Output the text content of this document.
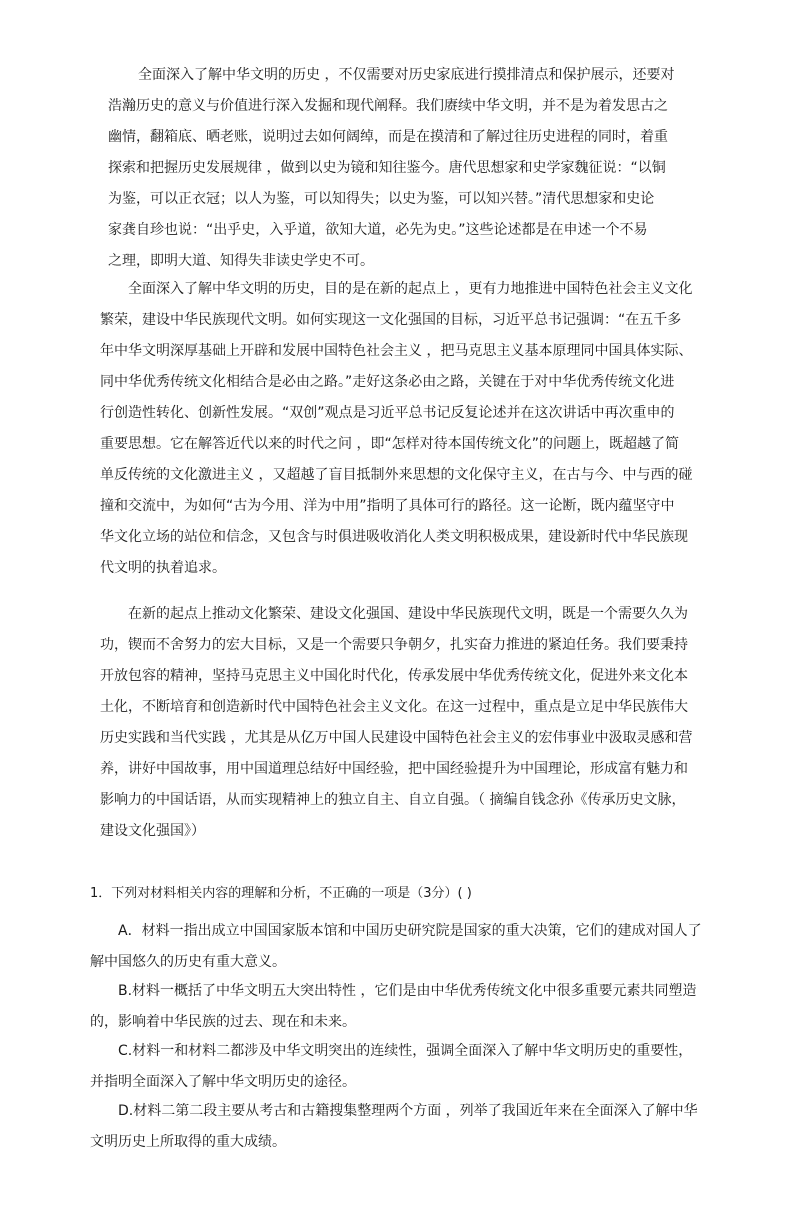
全面深入了解中华文明的历史 ，不仅需要对历史家底进行摸排清点和保护展示，还要对
浩瀚历史的意义与价值进行深入发掘和现代阐释。我们赓续中华文明，并不是为着发思古之
幽情，翻箱底、晒老账，说明过去如何阔绰，而是在摸清和了解过往历史进程的同时，着重
探索和把握历史发展规律 ，做到以史为镜和知往鉴今。唐代思想家和史学家魏征说：“以铜
为鉴，可以正衣冠；以人为鉴，可以知得失；以史为鉴，可以知兴替。”清代思想家和史论
家龚自珍也说：“出乎史，入乎道，欲知大道，必先为史。”这些论述都是在申述一个不易
之理，即明大道、知得失非读史学史不可。
全面深入了解中华文明的历史，目的是在新的起点上 ，更有力地推进中国特色社会主义文化
繁荣，建设中华民族现代文明。如何实现这一文化强国的目标，习近平总书记强调：“在五千多
年中华文明深厚基础上开辟和发展中国特色社会主义 ，把马克思主义基本原理同中国具体实际、
同中华优秀传统文化相结合是必由之路。”走好这条必由之路，关键在于对中华优秀传统文化进
行创造性转化、创新性发展。“双创”观点是习近平总书记反复论述并在这次讲话中再次重申的
重要思想。它在解答近代以来的时代之问 ，即“怎样对待本国传统文化”的问题上，既超越了简
单反传统的文化激进主义 ，又超越了盲目抵制外来思想的文化保守主义，在古与今、中与西的碰
撞和交流中，为如何“古为今用、洋为中用”指明了具体可行的路径。这一论断，既内蕴坚守中
华文化立场的站位和信念，又包含与时俱进吸收消化人类文明积极成果，建设新时代中华民族现
代文明的执着追求。
在新的起点上推动文化繁荣、建设文化强国、建设中华民族现代文明，既是一个需要久久为
功，锲而不舍努力的宏大目标，又是一个需要只争朝夕，扎实奋力推进的紧迫任务。我们要秉持
开放包容的精神，坚持马克思主义中国化时代化，传承发展中华优秀传统文化，促进外来文化本
土化，不断培育和创造新时代中国特色社会主义文化。在这一过程中，重点是立足中华民族伟大
历史实践和当代实践 ，尤其是从亿万中国人民建设中国特色社会主义的宏伟事业中汲取灵感和营
养，讲好中国故事，用中国道理总结好中国经验，把中国经验提升为中国理论，形成富有魅力和
影响力的中国话语，从而实现精神上的独立自主、自立自强。（ 摘编自钱念孙《传承历史文脉，
建设文化强国》）
1．下列对材料相关内容的理解和分析，不正确的一项是（3分）( )
A．材料一指出成立中国国家版本馆和中国历史研究院是国家的重大决策，它们的建成对国人了
解中国悠久的历史有重大意义。
B.材料一概括了中华文明五大突出特性 ，它们是由中华优秀传统文化中很多重要元素共同塑造
的，影响着中华民族的过去、现在和未来。
C.材料一和材料二都涉及中华文明突出的连续性，强调全面深入了解中华文明历史的重要性，
并指明全面深入了解中华文明历史的途径。
D.材料二第二段主要从考古和古籍搜集整理两个方面 ，列举了我国近年来在全面深入了解中华
文明历史上所取得的重大成绩。
